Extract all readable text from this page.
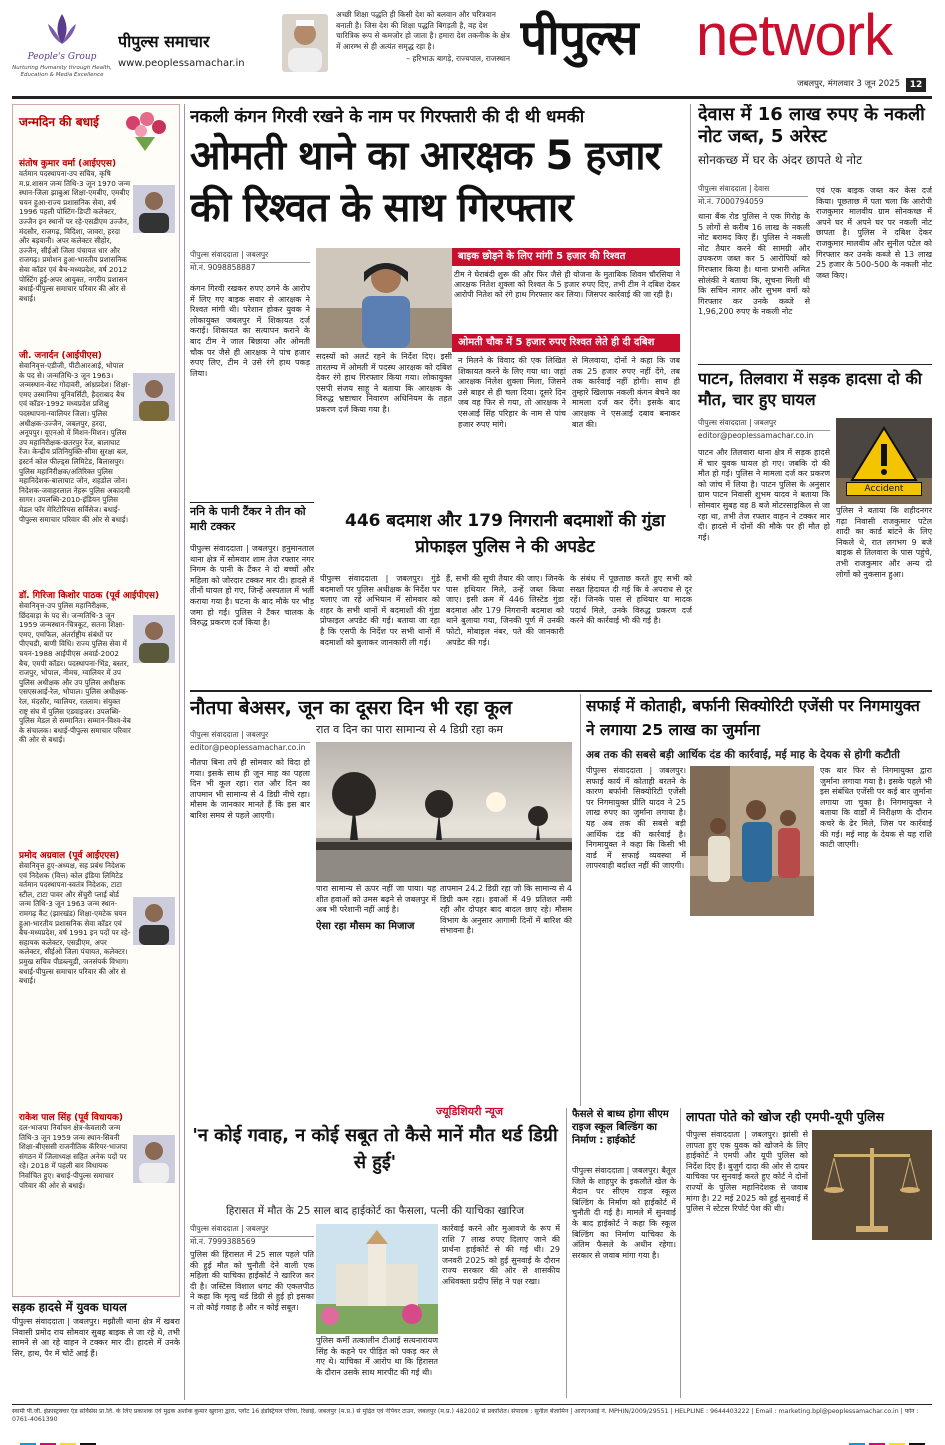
People's Group
Nurturing Humanity through Health, Education & Media Excellence
पीपुल्स समाचार
www.peoplessamachar.in
अच्छी शिक्षा पद्धति ही किसी देश को बलवान और चरित्रवान बनाती है। जिस देश की शिक्षा पद्धति बिगड़ती है, वह देश चारित्रिक रूप से कमजोर हो जाता है। हमारा देश तकनीक के क्षेत्र में आरम्भ से ही अत्यंत समृद्ध रहा है।
– हरिभाऊ बागड़े, राज्यपाल, राजस्थान पीपुल्स network
जबलपुर, मंगलवार 3 जून 2025	12
जन्मदिन की बधाई
संतोष कुमार वर्मा (आईएएस)

वर्तमान पदस्थापना-उप सचिव, कृषि म.प्र.शासन जन्म तिथि-3 जून 1970 जन्म स्थान-जिला झाबुआ शिक्षा-एमबीए, एमबीए चयन हुआ-राज्य प्रशासनिक सेवा, वर्ष 1996 पहली पोस्टिंग-डिप्टी कलेक्टर, उज्जैन इन स्थानों पर रहे-एसडीएम उज्जैन, मंदसौर, राजगढ़, विदिशा, जावरा, हरदा और बड़वानी। अपर कलेक्टर सीहोर, उज्जैन, सीईओ जिला पंचायत धार और राजगढ़। प्रमोशन हुआ-भारतीय प्रशासनिक सेवा कॉडर एवं बैच-मध्यप्रदेश, वर्ष 2012 पोस्टिंग हुई-अपर आयुक्त, नगरीय प्रशासन बधाई-पीपुल्स समाचार परिवार की ओर से बधाई।

जी. जनार्दन (आईपीएस)

सेवानिवृत्त-एडीजी, पीटीआरआई, भोपाल के पद से। जन्मतिथि-3 जून 1963। जन्मस्थान-वेस्ट गोदावरी, आंध्रप्रदेश। शिक्षा-एमए उस्मानिया यूनिवर्सिटी, हैदराबाद बैच एवं कॉडर-1992 मध्यप्रदेश प्रशिक्षु पदस्थापना-ग्वालियर जिला। पुलिस अधीक्षक-उज्जैन, जबलपुर, हरदा, अनूपपुर। यूएनओ में मिशन-मिशन। पुलिस उप महानिरीक्षक-छतरपुर रेंज, बालाघाट रेंज। केन्द्रीय प्रतिनियुक्ति-सीमा सुरक्षा बल, इस्टर्न कोल फील्ड्स लिमिटेड, बिलासपुर। पुलिस महानिरीक्षक/अतिरिक्त पुलिस महानिदेशक-बालाघाट जोन, शहडोल जोन। निदेशक-जवाहरलाल नेहरू पुलिस अकादमी सागर। उपलब्धि-2010-इंडियन पुलिस मेडल फॉर मेरिटोरियस सर्विसेज। बधाई-पीपुल्स समाचार परिवार की ओर से बधाई।

डॉ. गिरिजा किशोर पाठक (पूर्व आईपीएस)

सेवानिवृत्त-उप पुलिस महानिरीक्षक, छिंदवाड़ा के पद से। जन्मतिथि-3 जून 1959 जन्मस्थान-चित्रकूट, सतना शिक्षा-एमए, एमफिल, अंतर्राष्ट्रीय संबंधों पर पीएचडी, बाणी विधि। राज्य पुलिस सेवा में चयन-1988 आईपीएस अवार्ड-2002 बैच, एमपी कॉडर। पदस्थापना-भिंड, बस्तर, राजपुर, भोपाल, नीमच, ग्वालियर में उप पुलिस अधीक्षक और उप पुलिस अधीक्षक एसएसआई-रेल, भोपाल। पुलिस अधीक्षक-रेल, मंदसौर, ग्वालियर, रतलाम। संयुक्त राष्ट्र संघ में पुलिस एडवाइजर। उपलब्धि-पुलिस मेडल से सम्मानित। सम्मान-विश्व-वेब के संचालक। बधाई-पीपुल्स समाचार परिवार की ओर से बधाई।

प्रमोद अग्रवाल (पूर्व आईएएस)

सेवानिवृत्त हुए-अध्यक्ष, सह प्रबंध निदेशक एवं निदेशक (वित्त) कोल इंडिया लिमिटेड वर्तमान पदस्थापना-स्वतंत्र निदेशक, टाटा स्टील, टाटा पावर और सेंचुरी प्लाई बोर्ड जन्म तिथि-3 जून 1963 जन्म स्थान-रामगढ़ कैंट (झारखंड) शिक्षा-एमटेक चयन हुआ-भारतीय प्रशासनिक सेवा कॉडर एवं बैच-मध्यप्रदेश, वर्ष 1991 इन पदों पर रहे-सहायक कलेक्टर, एसडीएम, अपर कलेक्टर, सीईओ जिला पंचायत, कलेक्टर। प्रमुख सचिव पीडब्ल्यूडी, जनसंपर्क विभाग। बधाई-पीपुल्स समाचार परिवार की ओर से बधाई।

राकेश पाल सिंह (पूर्व विधायक)

दल-भाजपा निर्वाचन क्षेत्र-केवलारी जन्म तिथि-3 जून 1959 जन्म स्थान-सिवनी शिक्षा-बीएससी राजनीतिक कॅरियर-भाजपा संगठन में जिलाध्यक्ष सहित अनेक पदों पर रहे। 2018 में पहली बार विधायक निर्वाचित हुए। बधाई-पीपुल्स समाचार परिवार की ओर से बधाई।

सड़क हादसे में युवक घायल
पीपुल्स संवाददाता | जबलपुर। मझौली थाना क्षेत्र में खबरा निवासी प्रमोद राय सोमवार सुबह बाइक से जा रहे थे, तभी सामने से आ रहे वाहन ने टक्कर मार दी। हादसे में उनके सिर, हाथ, पैर में चोटें आई हैं।
नकली कंगन गिरवी रखने के नाम पर गिरफ्तारी की दी थी धमकी
ओमती थाने का आरक्षक 5 हजार की रिश्वत के साथ गिरफ्तार
पीपुल्स संवाददाता | जबलपुर
मो.नं. 9098858887
बाइक छोड़ने के लिए मांगी 5 हजार की रिश्वत
टीम ने घेराबंदी शुरू की और फिर जैसे ही योजना के मुताबिक शिवम चौरसिया ने आरक्षक नितेश शुक्ला को रिश्वत के 5 हजार रुपए दिए, तभी टीम ने दबिश देकर आरोपी नितेश को रंगे हाथ गिरफ्तार कर लिया। जिसपर कार्रवाई की जा रही है।
ओमती चौक में 5 हजार रुपए रिश्वत लेते ही दी दबिश
कंगन गिरवी रखकर रुपए ठगने के आरोप में लिए गए बाइक सवार से आरक्षक ने रिश्वत मांगी थी। परेशान होकर युवक ने लोकायुक्त जबलपुर में शिकायत दर्ज कराई। शिकायत का सत्यापन कराने के बाद टीम ने जाल बिछाया और ओमती चौक पर जैसे ही आरक्षक ने पांच हजार रुपए लिए, टीम ने उसे रंगे हाथ पकड़ लिया।
सदस्यों को अलर्ट रहने के निर्देश दिए। इसी तारतम्य में ओमती में पदस्थ आरक्षक को दबिश देकर रंगे हाथ गिरफ्तार किया गया। लोकायुक्त एसपी संजय साहू ने बताया कि आरक्षक के विरुद्ध भ्रष्टाचार निवारण अधिनियम के तहत प्रकरण दर्ज किया गया है।
न मिलने के विवाद की एक लिखित शिकायत करने के लिए गया था। जहां आरक्षक निलेश शुक्ला मिला, जिसने उसे बाहर से ही चला दिया। दूसरे दिन जब वह फिर से गया, तो आरक्षक ने एसआई सिंह परिहार के नाम से पांच हजार रुपए मांगे।
से मिलवाया, दोनों ने कहा कि जब तक 25 हजार रुपए नहीं देंगे, तब तक कार्रवाई नहीं होगी। साथ ही तुम्हारे खिलाफ नकली कंगन बेचने का मामला दर्ज कर देंगे। इसके बाद आरक्षक ने एसआई दबाव बनाकर बात की।
देवास में 16 लाख रुपए के नकली नोट जब्त, 5 अरेस्ट
सोनकच्छ में घर के अंदर छापते थे नोट
पीपुल्स संवाददाता | देवास
मो.नं. 7000794059
थाना बैंक रोड पुलिस ने एक गिरोह के 5 लोगों से करीब 16 लाख के नकली नोट बरामद किए हैं। पुलिस ने नकली नोट तैयार करने की सामग्री और उपकरण जब्त कर 5 आरोपियों को गिरफ्तार किया है। थाना प्रभारी अमित सोलंकी ने बताया कि, सूचना मिली थी कि सचिन नागर और सुभम वर्मा को गिरफ्तार कर उनके कब्जे से 1,96,200 रुपए के नकली नोट
एवं एक बाइक जब्त कर केस दर्ज किया। पूछताछ में पता चला कि आरोपी राजकुमार मालवीय ग्राम सोनकच्छ में अपने घर में अपने घर पर नकली नोट छापता है। पुलिस ने दबिश देकर राजकुमार मालवीय और सुनील पटेल को गिरफ्तार कर उनके कब्जे से 13 लाख 25 हजार के 500-500 के नकली नोट जब्त किए।
पाटन, तिलवारा में सड़क हादसा दो की मौत, चार हुए घायल
पीपुल्स संवाददाता | जबलपुर
editor@peoplessamachar.co.in
Accident
पाटन और तिलवारा थाना क्षेत्र में सड़क हादसे में चार युवक घायल हो गए। जबकि दो की मौत हो गई। पुलिस ने मामला दर्ज कर प्रकरण को जांच में लिया है। पाटन पुलिस के अनुसार ग्राम पाटन निवासी शुभम यादव ने बताया कि सोमवार सुबह वह 8 बजे मोटरसाइकिल से जा रहा था, तभी तेज रफ्तार वाहन ने टक्कर मार दी। हादसे में दोनों की मौके पर ही मौत हो गई।
पुलिस ने बताया कि शहीदनगर गढ़ा निवासी राजकुमार पटेल शादी का कार्ड बांटने के लिए निकले थे, रात लगभग 9 बजे बाइक से तिलवारा के पास पहुंचे, तभी राजकुमार और अन्य दो लोगों को नुकसान हुआ।
ननि के पानी टैंकर ने तीन को मारी टक्कर
पीपुल्स संवाददाता | जबलपुर। हनुमानताल थाना क्षेत्र में सोमवार शाम तेज रफ्तार नगर निगम के पानी के टैंकर ने दो बच्चों और महिला को जोरदार टक्कर मार दी। हादसे में तीनों घायल हो गए, जिन्हें अस्पताल में भर्ती कराया गया है। घटना के बाद मौके पर भीड़ जमा हो गई। पुलिस ने टैंकर चालक के विरुद्ध प्रकरण दर्ज किया है।
446 बदमाश और 179 निगरानी बदमाशों की गुंडा प्रोफाइल पुलिस ने की अपडेट
पीपुल्स संवाददाता | जबलपुर। गुंडे बदमाशों पर पुलिस अधीक्षक के निर्देश पर चलाए जा रहे अभियान में सोमवार को शहर के सभी थानों में बदमाशों की गुंडा प्रोफाइल अपडेट की गई। बताया जा रहा है कि एसपी के निर्देश पर सभी थानों में बदमाशों को बुलाकर जानकारी ली गई।
हैं, सभी की सूची तैयार की जाए। जिनके पास हथियार मिले, उन्हें जब्त किया जाए। इसी क्रम में 446 लिस्टेड गुंडा बदमाश और 179 निगरानी बदमाश को थाने बुलाया गया, जिनकी पूर्ण में उनकी फोटो, मोबाइल नंबर, पते की जानकारी अपडेट की गई।
के संबंध में पूछताछ करते हुए सभी को सख्त हिदायत दी गई कि वे अपराध से दूर रहें। जिनके पास से हथियार या मादक पदार्थ मिले, उनके विरुद्ध प्रकरण दर्ज करने की कार्रवाई भी की गई है।
नौतपा बेअसर, जून का दूसरा दिन भी रहा कूल
पीपुल्स संवाददाता | जबलपुर
editor@peoplessamachar.co.in
रात व दिन का पारा सामान्य से 4 डिग्री रहा कम
नौतपा बिना तपे ही सोमवार को विदा हो गया। इसके साथ ही जून माह का पहला दिन भी कूल रहा। रात और दिन का तापमान भी सामान्य से 4 डिग्री नीचे रहा। मौसम के जानकार मानते हैं कि इस बार बारिश समय से पहले आएगी।
पारा सामान्य से ऊपर नहीं जा पाया। यह शीत हवाओं को उमस बढ़ने से जबलपुर में अब भी परेशानी नहीं आई है।
ऐसा रहा मौसम का मिजाज
तापमान 24.2 डिग्री रहा जो कि सामान्य से 4 डिग्री कम रहा। हवाओं में 49 प्रतिशत नमी रही और दोपहर बाद बादल छाए रहे। मौसम विभाग के अनुसार आगामी दिनों में बारिश की संभावना है।
सफाई में कोताही, बर्फानी सिक्योरिटी एजेंसी पर निगमायुक्त ने लगाया 25 लाख का जुर्माना
अब तक की सबसे बड़ी आर्थिक दंड की कार्रवाई, मई माह के देयक से होगी कटौती
पीपुल्स संवाददाता | जबलपुर। सफाई कार्य में कोताही बरतने के कारण बर्फानी सिक्योरिटी एजेंसी पर निगमायुक्त प्रीति यादव ने 25 लाख रुपए का जुर्माना लगाया है। यह अब तक की सबसे बड़ी आर्थिक दंड की कार्रवाई है। निगमायुक्त ने कहा कि किसी भी वार्ड में सफाई व्यवस्था में लापरवाही बर्दाश्त नहीं की जाएगी।
एक बार फिर से निगमायुक्त द्वारा जुर्माना लगाया गया है। इसके पहले भी इस संबंधित एजेंसी पर कई बार जुर्माना लगाया जा चुका है। निगमायुक्त ने बताया कि वार्डों में निरीक्षण के दौरान कचरे के ढेर मिले, जिस पर कार्रवाई की गई। मई माह के देयक से यह राशि काटी जाएगी।
ज्यूडिशियरी न्यूज
'न कोई गवाह, न कोई सबूत तो कैसे मानें मौत थर्ड डिग्री से हुई'
हिरासत में मौत के 25 साल बाद हाईकोर्ट का फैसला, पत्नी की याचिका खारिज
पीपुल्स संवाददाता | जबलपुर
मो.नं. 7999388569
पुलिस की हिरासत में 25 साल पहले पति की हुई मौत को चुनौती देने वाली एक महिला की याचिका हाईकोर्ट ने खारिज कर दी है। जस्टिस विशाल धगट की एकलपीठ ने कहा कि मृत्यु थर्ड डिग्री से हुई हो इसका न तो कोई गवाह है और न कोई सबूत।
पुलिस कर्मी तत्कालीन टीआई सत्यनारायण सिंह के कहने पर पीड़ित को पकड़ कर ले गए थे। याचिका में आरोप था कि हिरासत के दौरान उसके साथ मारपीट की गई थी।
कार्रवाई करने और मुआवजे के रूप में राशि 7 लाख रुपए दिलाए जाने की प्रार्थना हाईकोर्ट से की गई थी। 29 जनवरी 2025 को हुई सुनवाई के दौरान राज्य सरकार की ओर से शासकीय अधिवक्ता प्रदीप सिंह ने पक्ष रखा।
फैसले से बाध्य होगा सीएम राइज स्कूल बिल्डिंग का निर्माण : हाईकोर्ट
पीपुल्स संवाददाता | जबलपुर। बैतूल जिले के शाहपुर के इकलौते खेल के मैदान पर सीएम राइज स्कूल बिल्डिंग के निर्माण को हाईकोर्ट में चुनौती दी गई है। मामले में सुनवाई के बाद हाईकोर्ट ने कहा कि स्कूल बिल्डिंग का निर्माण याचिका के अंतिम फैसले के अधीन रहेगा। सरकार से जवाब मांगा गया है।
लापता पोते को खोज रही एमपी-यूपी पुलिस
पीपुल्स संवाददाता | जबलपुर। झांसी से लापता हुए एक युवक को खोजने के लिए हाईकोर्ट ने एमपी और यूपी पुलिस को निर्देश दिए हैं। बुजुर्ग दादा की ओर से दायर याचिका पर सुनवाई करते हुए कोर्ट ने दोनों राज्यों के पुलिस महानिदेशक से जवाब मांगा है। 22 मई 2025 को हुई सुनवाई में पुलिस ने स्टेटस रिपोर्ट पेश की थी।
स्वामी पी.जी. इंफ्रास्ट्रक्चर एंड सर्विसेस प्रा.लि. के लिए प्रकाशक एवं मुद्रक अशोक कुमार खुराना द्वारा, प्लॉट 16 इंडस्ट्रियल एरिया, रिछाई, जबलपुर (म.प्र.) से मुद्रित एवं नेपियर टाउन, जबलपुर (म.प्र.) 482002 से प्रकाशित। संपादक : सुनील बेंजामिन | आरएनआई नं. MPHIN/2009/29551 | HELPLINE : 9644403222 | Email : marketing.bpl@peoplessamachar.co.in | फोन : 0761-4061390
